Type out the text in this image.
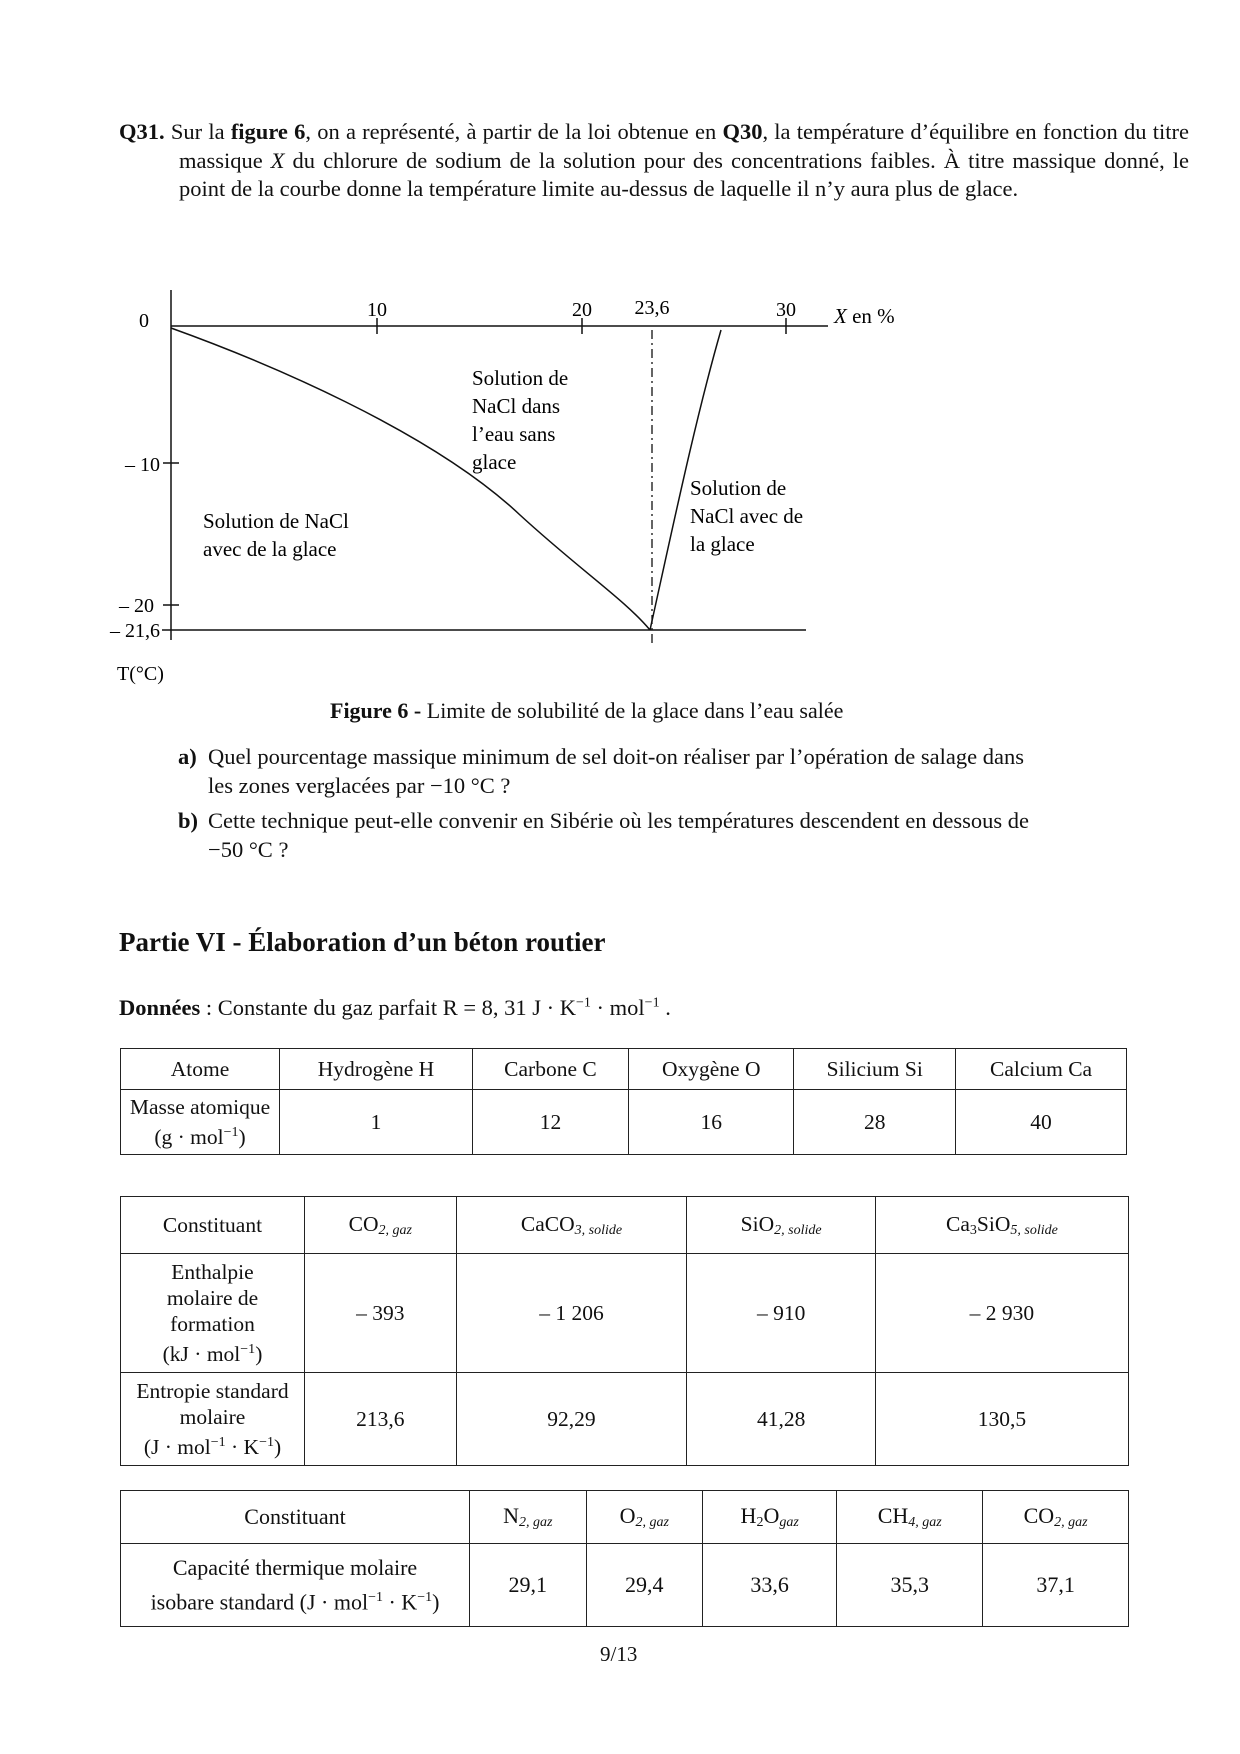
Q31. Sur la figure 6, on a représenté, à partir de la loi obtenue en Q30, la température d’équilibre en fonction du titre massique X du chlorure de sodium de la solution pour des concentrations faibles. À titre massique donné, le point de la courbe donne la température limite au-dessus de laquelle il n’y aura plus de glace.
10	20 23,6	30 X en %
0
– 10
– 20
– 21,6
T(°C)
Solution de NaCl avec de la glace
Solution de NaCl dans l’eau sans glace
Solution de NaCl avec de la glace
Figure 6 - Limite de solubilité de la glace dans l’eau salée
a) Quel pourcentage massique minimum de sel doit-on réaliser par l’opération de salage dans
les zones verglacées par −10 °C ?
b) Cette technique peut-elle convenir en Sibérie où les températures descendent en dessous de
−50 °C ?
Partie VI - Élaboration d’un béton routier
Données : Constante du gaz parfait R = 8, 31 $J \cdot K^{-1} \cdot mol^{-1}$ .
Atome	Hydrogène H	Carbone C	Oxygène O	Silicium Si	Calcium Ca

Masse atomique
(g · mol$^{-1}$)	1	12	16	28	40
Constituant	$CO_{2, gaz}$	CaCO$_{3, solide}$	SiO$_{2, solide}$	Ca3SiO$_{5, solide}$

Enthalpie
molaire de
formation
(kJ · mol$^{-1}$)	– 393	– 1 206	– 910	– 2 930

Entropie standard
molaire
$(J \cdot mol^{-1} \cdot K^{-1})$	213,6	92,29	41,28	130,5
Constituant	$N_{2, gaz}$	$O_{2, gaz}$	$H2O_{gaz}$	$CH_{4, gaz}$	$CO_{2, gaz}$

Capacité thermique molaire
isobare standard $(J \cdot mol^{-1} \cdot K^{-1})$	29,1	29,4	33,6	35,3	37,1
9/13
